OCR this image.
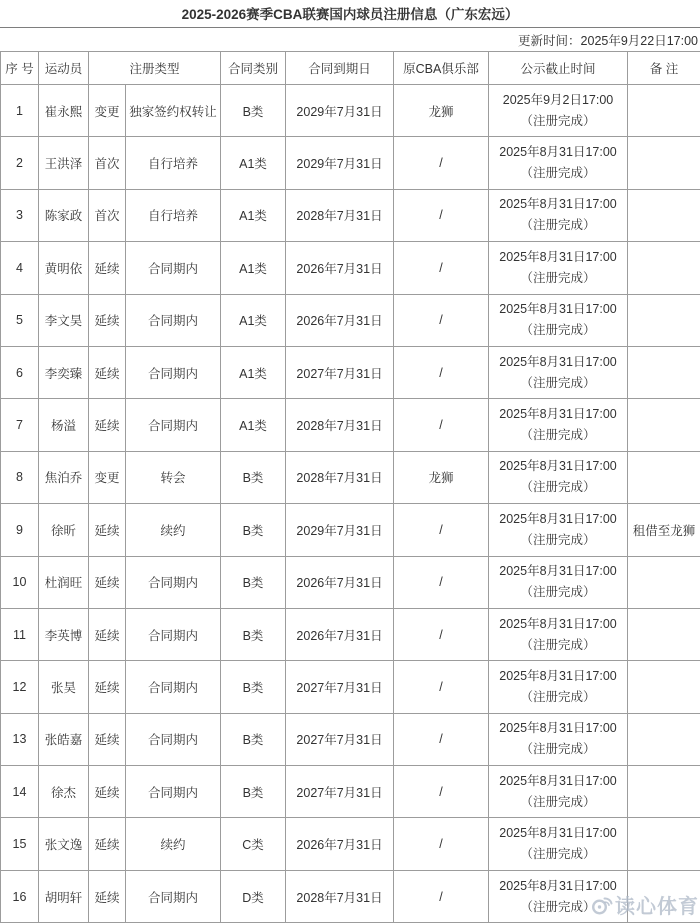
2025-2026赛季CBA联赛国内球员注册信息（广东宏远）
更新时间：2025年9月22日17:00
序 号	运动员	注册类型		合同类别	合同到期日	原CBA俱乐部	公示截止时间	备 注
1	崔永熙	变更	独家签约权转让	B类	2029年7月31日	龙狮	2025年9月2日17:00
（注册完成）	

2	王洪泽	首次	自行培养	A1类	2029年7月31日	/	2025年8月31日17:00
（注册完成）	

3	陈家政	首次	自行培养	A1类	2028年7月31日	/	2025年8月31日17:00
（注册完成）	

4	黄明依	延续	合同期内	A1类	2026年7月31日	/	2025年8月31日17:00
（注册完成）	

5	李文昊	延续	合同期内	A1类	2026年7月31日	/	2025年8月31日17:00
（注册完成）	

6	李奕臻	延续	合同期内	A1类	2027年7月31日	/	2025年8月31日17:00
（注册完成）	

7	杨溢	延续	合同期内	A1类	2028年7月31日	/	2025年8月31日17:00
（注册完成）	

8	焦泊乔	变更	转会	B类	2028年7月31日	龙狮	2025年8月31日17:00
（注册完成）	

9	徐昕	延续	续约	B类	2029年7月31日	/	2025年8月31日17:00
（注册完成）	租借至龙狮
10	杜润旺	延续	合同期内	B类	2026年7月31日	/	2025年8月31日17:00
（注册完成）	

11	李英博	延续	合同期内	B类	2026年7月31日	/	2025年8月31日17:00
（注册完成）	

12	张昊	延续	合同期内	B类	2027年7月31日	/	2025年8月31日17:00
（注册完成）	

13	张皓嘉	延续	合同期内	B类	2027年7月31日	/	2025年8月31日17:00
（注册完成）	

14	徐杰	延续	合同期内	B类	2027年7月31日	/	2025年8月31日17:00
（注册完成）	

15	张文逸	延续	续约	C类	2026年7月31日	/	2025年8月31日17:00
（注册完成）	

16	胡明轩	延续	合同期内	D类	2028年7月31日	/	2025年8月31日17:00
（注册完成）	
	读心体育
